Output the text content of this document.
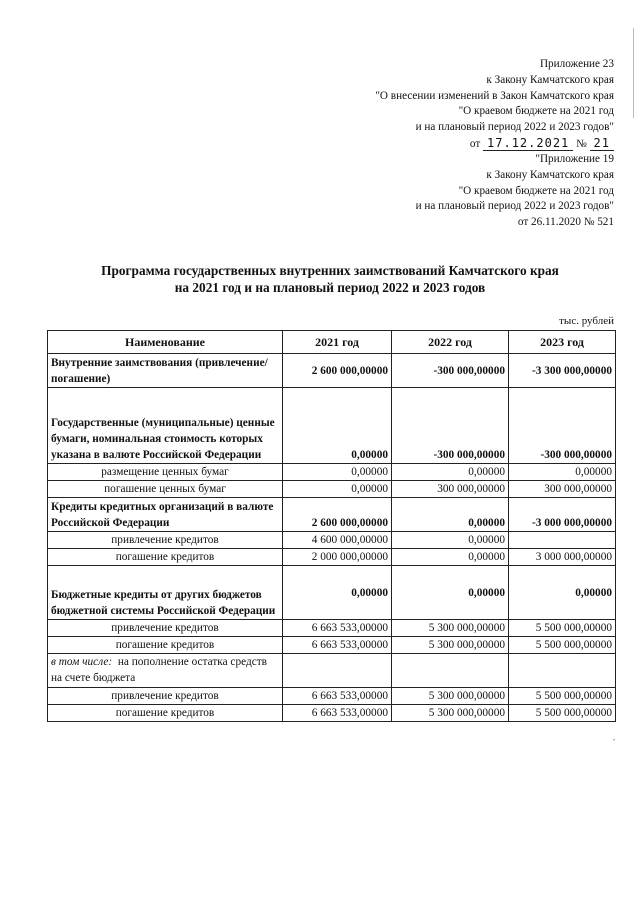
Приложение 23
к Закону Камчатского края
"О внесении изменений в Закон Камчатского края
"О краевом бюджете на 2021 год
и на плановый период 2022 и 2023 годов"
от 17.12.2021 № 21
"Приложение 19
к Закону Камчатского края
"О краевом бюджете на 2021 год
и на плановый период 2022 и 2023 годов"
от 26.11.2020 № 521
Программа государственных внутренних заимствований Камчатского края
на 2021 год и на плановый период 2022 и 2023 годов
тыс. рублей
Наименование	2021 год	2022 год	2023 год
Внутренние заимствования (привлечение/погашение)	2 600 000,00000	-300 000,00000	-3 300 000,00000
Государственные (муниципальные) ценные бумаги, номинальная стоимость которых указана в валюте Российской Федерации	0,00000	-300 000,00000	-300 000,00000
размещение ценных бумаг	0,00000	0,00000	0,00000
погашение ценных бумаг	0,00000	300 000,00000	300 000,00000
Кредиты кредитных организаций в валюте Российской Федерации	2 600 000,00000	0,00000	-3 000 000,00000
привлечение кредитов	4 600 000,00000	0,00000	
погашение кредитов	2 000 000,00000	0,00000	3 000 000,00000
Бюджетные кредиты от других бюджетов бюджетной системы Российской Федерации	0,00000	0,00000	0,00000
привлечение кредитов	6 663 533,00000	5 300 000,00000	5 500 000,00000
погашение кредитов	6 663 533,00000	5 300 000,00000	5 500 000,00000
в том числе: на пополнение остатка средств на счете бюджета			
привлечение кредитов	6 663 533,00000	5 300 000,00000	5 500 000,00000
погашение кредитов	6 663 533,00000	5 300 000,00000	5 500 000,00000
"
